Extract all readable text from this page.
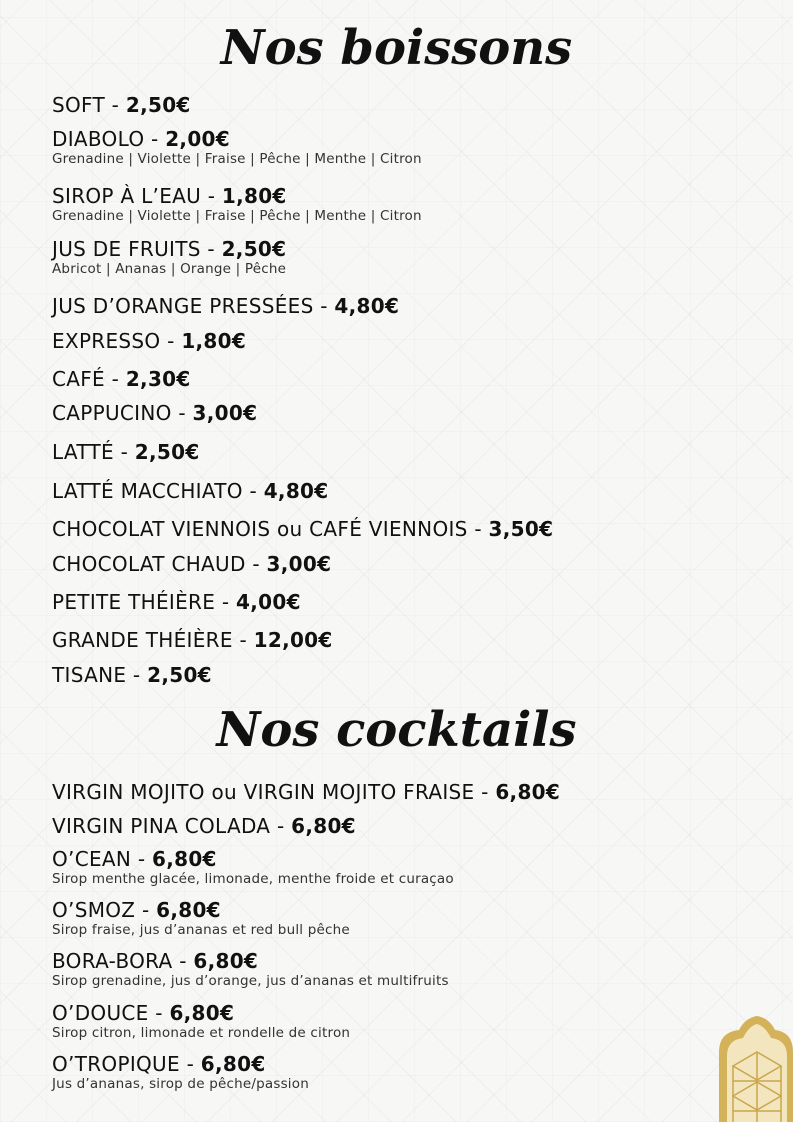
Nos boissons
SOFT - 2,50€
DIABOLO - 2,00€
Grenadine | Violette | Fraise | Pêche | Menthe | Citron
SIROP À L’EAU - 1,80€
Grenadine | Violette | Fraise | Pêche | Menthe | Citron
JUS DE FRUITS - 2,50€
Abricot | Ananas | Orange | Pêche
JUS D’ORANGE PRESSÉES - 4,80€
EXPRESSO - 1,80€
CAFÉ - 2,30€
CAPPUCINO - 3,00€
LATTÉ - 2,50€
LATTÉ MACCHIATO - 4,80€
CHOCOLAT VIENNOIS ou CAFÉ VIENNOIS - 3,50€
CHOCOLAT CHAUD - 3,00€
PETITE THÉIÈRE - 4,00€
GRANDE THÉIÈRE - 12,00€
TISANE - 2,50€
Nos cocktails
VIRGIN MOJITO ou VIRGIN MOJITO FRAISE - 6,80€
VIRGIN PINA COLADA - 6,80€
O’CEAN - 6,80€
Sirop menthe glacée, limonade, menthe froide et curaçao
O’SMOZ - 6,80€
Sirop fraise, jus d’ananas et red bull pêche
BORA-BORA - 6,80€
Sirop grenadine, jus d’orange, jus d’ananas et multifruits
O’DOUCE - 6,80€
Sirop citron, limonade et rondelle de citron
O’TROPIQUE - 6,80€
Jus d’ananas, sirop de pêche/passion
